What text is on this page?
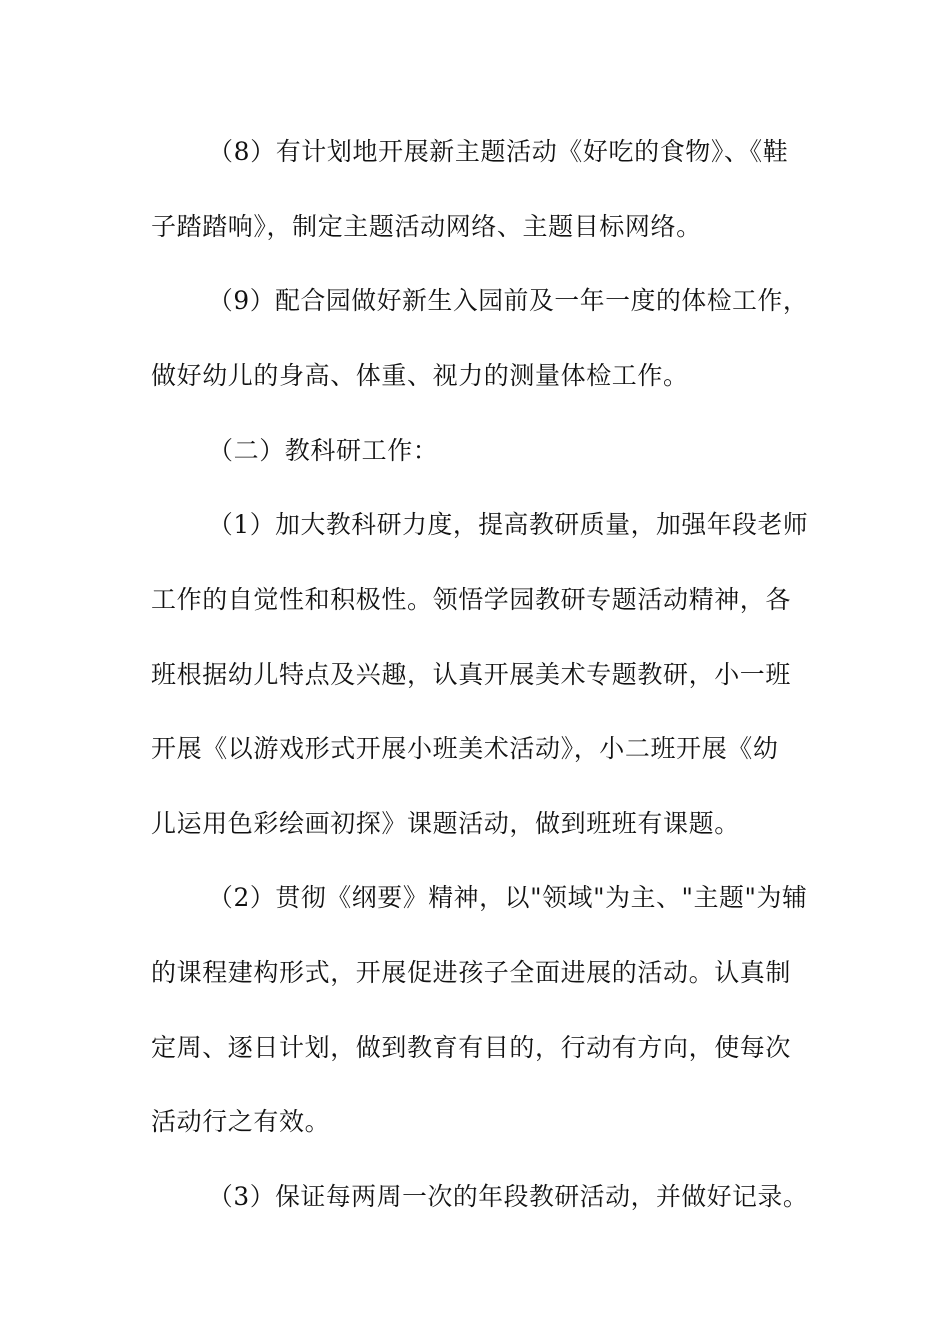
（8）有计划地开展新主题活动《好吃的食物》、《鞋
子踏踏响》，制定主题活动网络、主题目标网络。
（9）配合园做好新生入园前及一年一度的体检工作，
做好幼儿的身高、体重、视力的测量体检工作。
（二）教科研工作：
（1）加大教科研力度，提高教研质量，加强年段老师
工作的自觉性和积极性。领悟学园教研专题活动精神，各
班根据幼儿特点及兴趣，认真开展美术专题教研，小一班
开展《以游戏形式开展小班美术活动》，小二班开展《幼
儿运用色彩绘画初探》课题活动，做到班班有课题。
（2）贯彻《纲要》精神，以"领域"为主、"主题"为辅
的课程建构形式，开展促进孩子全面进展的活动。认真制
定周、逐日计划，做到教育有目的，行动有方向，使每次
活动行之有效。
（3）保证每两周一次的年段教研活动，并做好记录。
